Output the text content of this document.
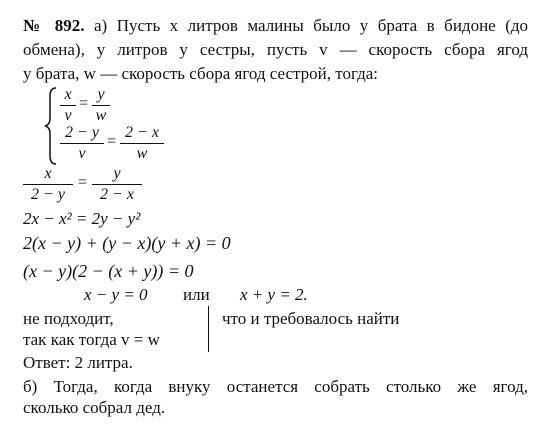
№ 892. а) Пусть x литров малины было у брата в бидоне (до
обмена), y литров у сестры, пусть v — скорость сбора ягод
у брата, w — скорость сбора ягод сестрой, тогда:
x
v
=
y
w
2 − y
v
=
2 − x
w
x
2 − y
=
y
2 − x
2x − x² = 2y − y²
2(x − y) + (y − x)(y + x) = 0
(x − y)(2 − (x + y)) = 0
x − y = 0 или x + y = 2.
не подходит,
так как тогда v = w
что и требовалось найти
Ответ: 2 литра.
б) Тогда, когда внуку останется собрать столько же ягод,
сколько собрал дед.
